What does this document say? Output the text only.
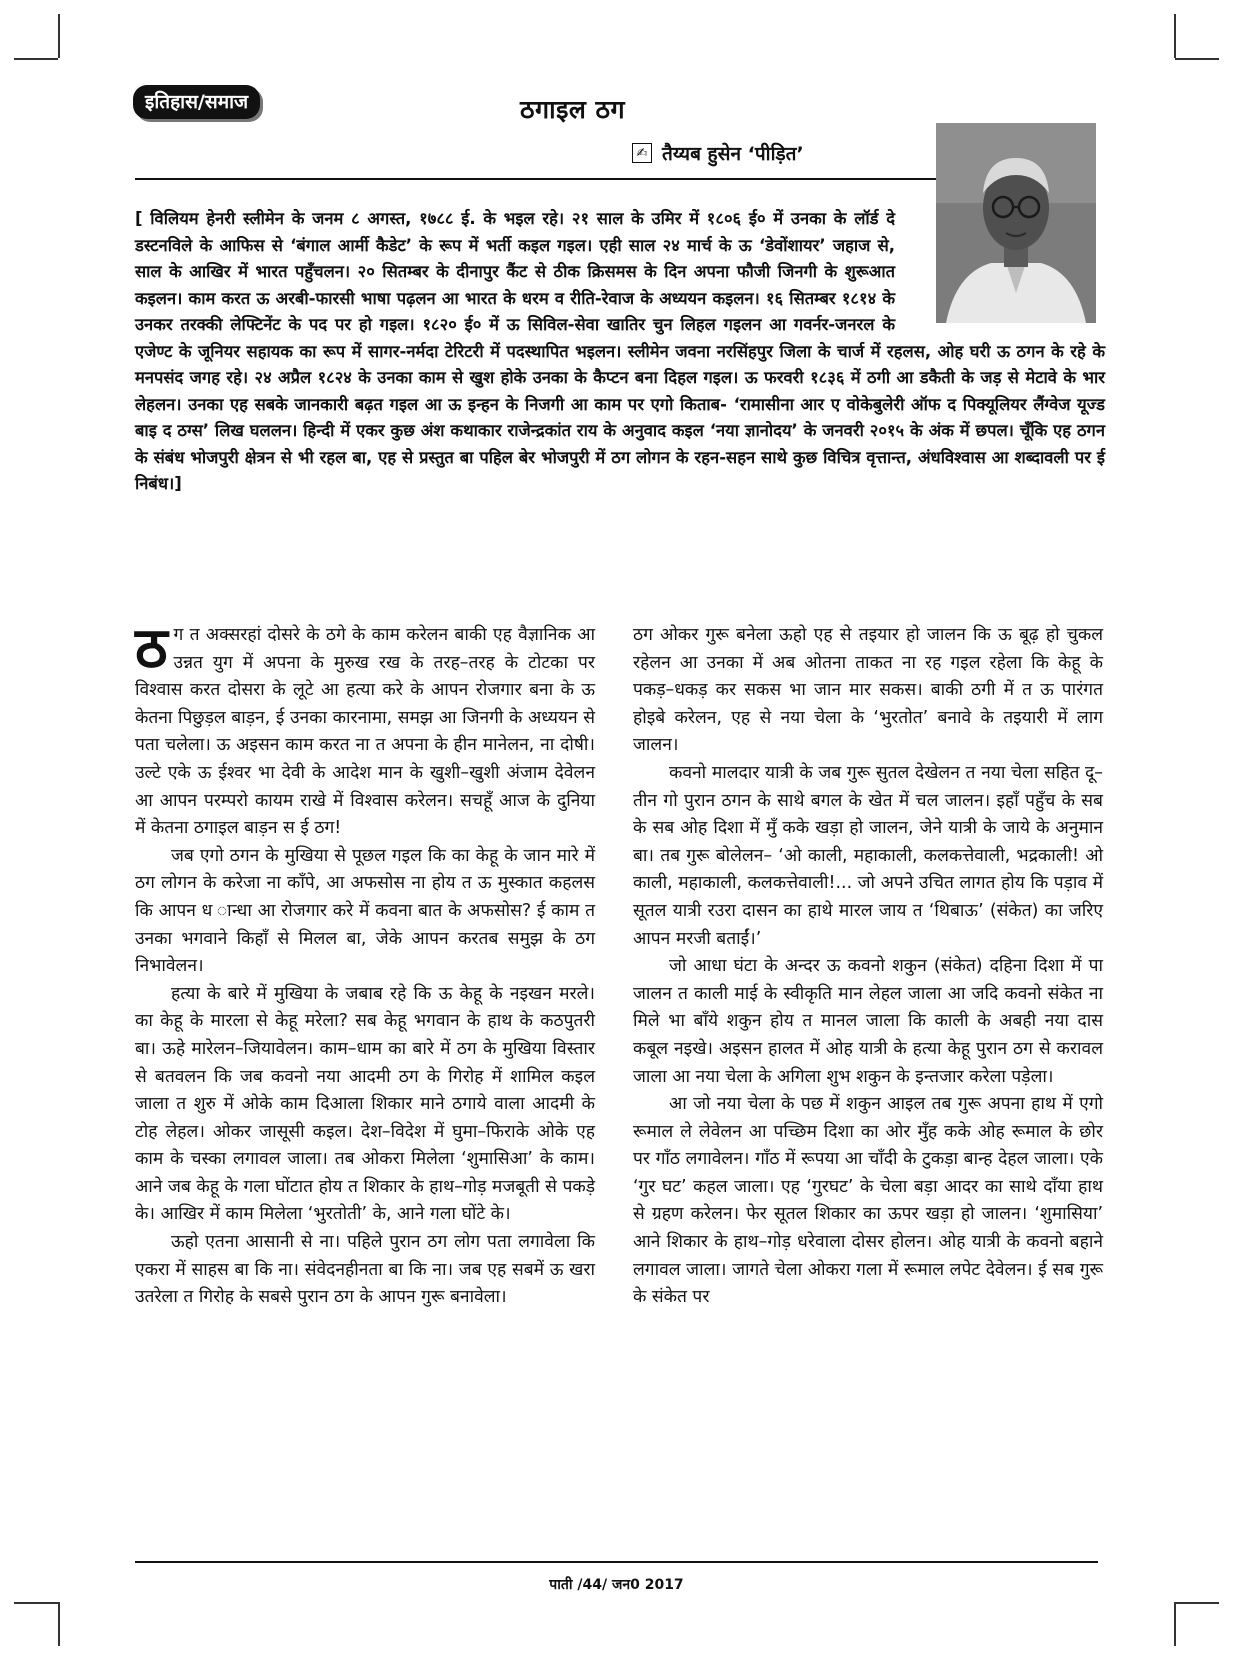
इतिहास/समाज	ठगाइल ठग
✍ तैय्यब हुसेन ‘पीड़ित’
[ विलियम हेनरी स्लीमेन के जनम ८ अगस्त, १७८८ ई. के भइल रहे। २१ साल के उमिर में १८०६ ई० में उनका के लॉर्ड दे डस्टनविले के आफिस से ‘बंगाल आर्मी कैडेट’ के रूप में भर्ती कइल गइल। एही साल २४ मार्च के ऊ ‘डेवोंशायर’ जहाज से, साल के आखिर में भारत पहुँचलन। २० सितम्बर के दीनापुर कैंट से ठीक क्रिसमस के दिन अपना फौजी जिनगी के शुरूआत कइलन। काम करत ऊ अरबी-फारसी भाषा पढ़लन आ भारत के धरम व रीति-रेवाज के अध्ययन कइलन। १६ सितम्बर १८१४ के उनकर तरक्की लेफ्टिनेंट के पद पर हो गइल। १८२० ई० में ऊ सिविल-सेवा खातिर चुन लिहल गइलन आ गवर्नर-जनरल के एजेण्ट के जूनियर सहायक का रूप में सागर-नर्मदा टेरिटरी में पदस्थापित भइलन। स्लीमेन जवना नरसिंहपुर जिला के चार्ज में रहलस, ओह घरी ऊ ठगन के रहे के मनपसंद जगह रहे। २४ अप्रैल १८२४ के उनका काम से खुश होके उनका के कैप्टन बना दिहल गइल। ऊ फरवरी १८३६ में ठगी आ डकैती के जड़ से मेटावे के भार लेहलन। उनका एह सबके जानकारी बढ़त गइल आ ऊ इन्हन के निजगी आ काम पर एगो किताब- ‘रामासीना आर ए वोकेबुलेरी ऑफ द पिक्यूलियर लैंग्वेज यूज्ड बाइ द ठग्स’ लिख घललन। हिन्दी में एकर कुछ अंश कथाकार राजेन्द्रकांत राय के अनुवाद कइल ‘नया ज्ञानोदय’ के जनवरी २०१५ के अंक में छपल। चूँकि एह ठगन के संबंध भोजपुरी क्षेत्रन से भी रहल बा, एह से प्रस्तुत बा पहिल बेर भोजपुरी में ठग लोगन के रहन-सहन साथे कुछ विचित्र वृत्तान्त, अंधविश्वास आ शब्दावली पर ई निबंध।]

ठग त अक्सरहां दोसरे के ठगे के काम करेलन बाकी एह वैज्ञानिक आ उन्नत युग में अपना के मुरुख रख के तरह–तरह के टोटका पर विश्वास करत दोसरा के लूटे आ हत्या करे के आपन रोजगार बना के ऊ केतना पिछुड़ल बाड़न, ई उनका कारनामा, समझ आ जिनगी के अध्ययन से पता चलेला। ऊ अइसन काम करत ना त अपना के हीन मानेलन, ना दोषी। उल्टे एके ऊ ईश्वर भा देवी के आदेश मान के खुशी–खुशी अंजाम देवेलन आ आपन परम्परो कायम राखे में विश्वास करेलन। सचहूँ आज के दुनिया में केतना ठगाइल बाड़न स ई ठग!

जब एगो ठगन के मुखिया से पूछल गइल कि का केहू के जान मारे में ठग लोगन के करेजा ना काँपे, आ अफसोस ना होय त ऊ मुस्कात कहलस कि आपन ध ान्धा आ रोजगार करे में कवना बात के अफसोस? ई काम त उनका भगवाने किहाँ से मिलल बा, जेके आपन करतब समुझ के ठग निभावेलन।

हत्या के बारे में मुखिया के जबाब रहे कि ऊ केहू के नइखन मरले। का केहू के मारला से केहू मरेला? सब केहू भगवान के हाथ के कठपुतरी बा। ऊहे मारेलन–जियावेलन। काम–धाम का बारे में ठग के मुखिया विस्तार से बतवलन कि जब कवनो नया आदमी ठग के गिरोह में शामिल कइल जाला त शुरु में ओके काम दिआला शिकार माने ठगाये वाला आदमी के टोह लेहल। ओकर जासूसी कइल। देश–विदेश में घुमा–फिराके ओके एह काम के चस्का लगावल जाला। तब ओकरा मिलेला ‘शुमासिआ’ के काम। आने जब केहू के गला घोंटात होय त शिकार के हाथ–गोड़ मजबूती से पकड़े के। आखिर में काम मिलेला ‘भुरतोती’ के, आने गला घोंटे के।

ऊहो एतना आसानी से ना। पहिले पुरान ठग लोग पता लगावेला कि एकरा में साहस बा कि ना। संवेदनहीनता बा कि ना। जब एह सबमें ऊ खरा उतरेला त गिरोह के सबसे पुरान ठग के आपन गुरू बनावेला।

ठग ओकर गुरू बनेला ऊहो एह से तइयार हो जालन कि ऊ बूढ़ हो चुकल रहेलन आ उनका में अब ओतना ताकत ना रह गइल रहेला कि केहू के पकड़–धकड़ कर सकस भा जान मार सकस। बाकी ठगी में त ऊ पारंगत होइबे करेलन, एह से नया चेला के ‘भुरतोत’ बनावे के तइयारी में लाग जालन।

कवनो मालदार यात्री के जब गुरू सुतल देखेलन त नया चेला सहित दू–तीन गो पुरान ठगन के साथे बगल के खेत में चल जालन। इहाँ पहुँच के सब के सब ओह दिशा में मुँ कके खड़ा हो जालन, जेने यात्री के जाये के अनुमान बा। तब गुरू बोलेलन– ‘ओ काली, महाकाली, कलकत्तेवाली, भद्रकाली! ओ काली, महाकाली, कलकत्तेवाली!... जो अपने उचित लागत होय कि पड़ाव में सूतल यात्री रउरा दासन का हाथे मारल जाय त ‘थिबाऊ’ (संकेत) का जरिए आपन मरजी बताईं।’

जो आधा घंटा के अन्दर ऊ कवनो शकुन (संकेत) दहिना दिशा में पा जालन त काली माई के स्वीकृति मान लेहल जाला आ जदि कवनो संकेत ना मिले भा बाँये शकुन होय त मानल जाला कि काली के अबही नया दास कबूल नइखे। अइसन हालत में ओह यात्री के हत्या केहू पुरान ठग से करावल जाला आ नया चेला के अगिला शुभ शकुन के इन्तजार करेला पड़ेला।

आ जो नया चेला के पछ में शकुन आइल तब गुरू अपना हाथ में एगो रूमाल ले लेवेलन आ पच्छिम दिशा का ओर मुँह कके ओह रूमाल के छोर पर गाँठ लगावेलन। गाँठ में रूपया आ चाँदी के टुकड़ा बान्ह देहल जाला। एके ‘गुर घट’ कहल जाला। एह ‘गुरघट’ के चेला बड़ा आदर का साथे दाँया हाथ से ग्रहण करेलन। फेर सूतल शिकार का ऊपर खड़ा हो जालन। ‘शुमासिया’ आने शिकार के हाथ–गोड़ धरेवाला दोसर होलन। ओह यात्री के कवनो बहाने लगावल जाला। जागते चेला ओकरा गला में रूमाल लपेट देवेलन। ई सब गुरू के संकेत पर

पाती /44/ जन0 2017
